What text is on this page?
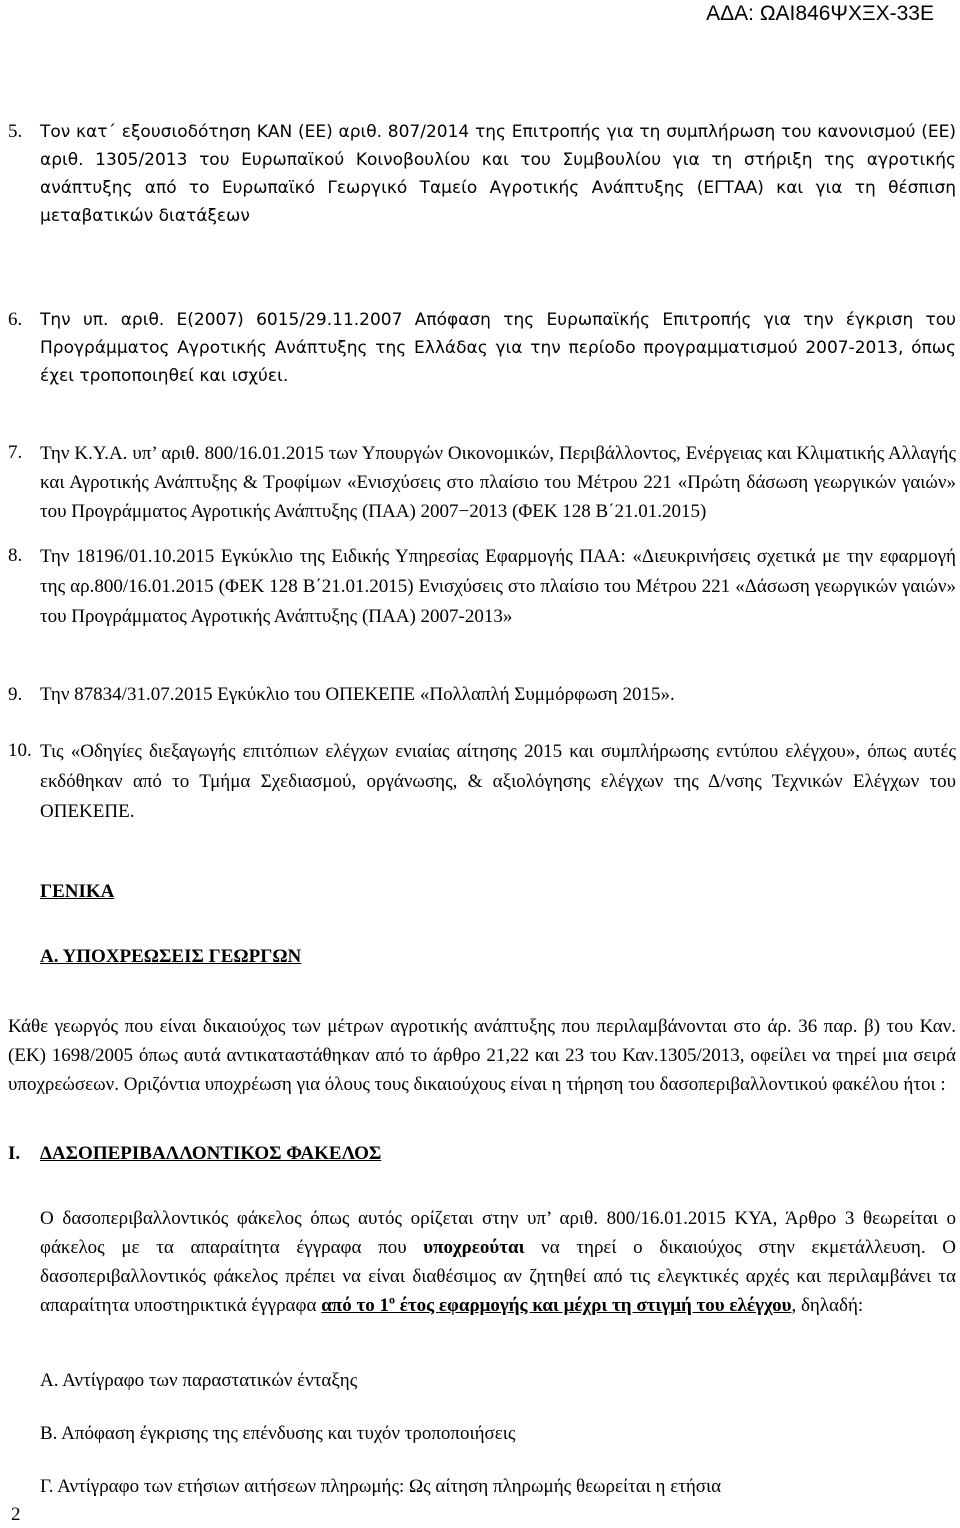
ΑΔΑ: ΩΑΙ846ΨΧΞΧ-33Ε
5. Τον κατ΄ εξουσιοδότηση ΚΑΝ (ΕΕ) αριθ. 807/2014 της Επιτροπής για τη συμπλήρωση του κανονισμού (ΕΕ) αριθ. 1305/2013 του Ευρωπαϊκού Κοινοβουλίου και του Συμβουλίου για τη στήριξη της αγροτικής ανάπτυξης από το Ευρωπαϊκό Γεωργικό Ταμείο Αγροτικής Ανάπτυξης (ΕΓΤΑΑ) και για τη θέσπιση μεταβατικών διατάξεων
6. Την υπ. αριθ. Ε(2007) 6015/29.11.2007 Απόφαση της Ευρωπαϊκής Επιτροπής για την έγκριση του Προγράμματος Αγροτικής Ανάπτυξης της Ελλάδας για την περίοδο προγραμματισμού 2007-2013, όπως έχει τροποποιηθεί και ισχύει.
7. Την Κ.Υ.Α. υπ’ αριθ. 800/16.01.2015 των Υπουργών Οικονομικών, Περιβάλλοντος, Ενέργειας και Κλιματικής Αλλαγής και Αγροτικής Ανάπτυξης & Τροφίμων «Ενισχύσεις στο πλαίσιο του Μέτρου 221 «Πρώτη δάσωση γεωργικών γαιών» του Προγράμματος Αγροτικής Ανάπτυξης (ΠΑΑ) 2007−2013 (ΦΕΚ 128 Β΄21.01.2015)
8. Την 18196/01.10.2015 Εγκύκλιο της Ειδικής Υπηρεσίας Εφαρμογής ΠΑΑ: «Διευκρινήσεις σχετικά με την εφαρμογή της αρ.800/16.01.2015 (ΦΕΚ 128 Β΄21.01.2015) Ενισχύσεις στο πλαίσιο του Μέτρου 221 «Δάσωση γεωργικών γαιών» του Προγράμματος Αγροτικής Ανάπτυξης (ΠΑΑ) 2007-2013»
9. Την 87834/31.07.2015 Εγκύκλιο του ΟΠΕΚΕΠΕ «Πολλαπλή Συμμόρφωση 2015».
10. Τις «Οδηγίες διεξαγωγής επιτόπιων ελέγχων ενιαίας αίτησης 2015 και συμπλήρωσης εντύπου ελέγχου», όπως αυτές εκδόθηκαν από το Τμήμα Σχεδιασμού, οργάνωσης, & αξιολόγησης ελέγχων της Δ/νσης Τεχνικών Ελέγχων του ΟΠΕΚΕΠΕ.
ΓΕΝΙΚΑ
Α. ΥΠΟΧΡΕΩΣΕΙΣ ΓΕΩΡΓΩΝ
Κάθε γεωργός που είναι δικαιούχος των μέτρων αγροτικής ανάπτυξης που περιλαμβάνονται στο άρ. 36 παρ. β) του Καν. (ΕΚ) 1698/2005 όπως αυτά αντικαταστάθηκαν από το άρθρο 21,22 και 23 του Καν.1305/2013, οφείλει να τηρεί μια σειρά υποχρεώσεων. Οριζόντια υποχρέωση για όλους τους δικαιούχους είναι η τήρηση του δασοπεριβαλλοντικού φακέλου ήτοι :
I. ΔΑΣΟΠΕΡΙΒΑΛΛΟΝΤΙΚΟΣ ΦΑΚΕΛΟΣ
Ο δασοπεριβαλλοντικός φάκελος όπως αυτός ορίζεται στην υπ’ αριθ. 800/16.01.2015 ΚΥΑ, Άρθρο 3 θεωρείται ο φάκελος με τα απαραίτητα έγγραφα που υποχρεούται να τηρεί ο δικαιούχος στην εκμετάλλευση. Ο δασοπεριβαλλοντικός φάκελος πρέπει να είναι διαθέσιμος αν ζητηθεί από τις ελεγκτικές αρχές και περιλαμβάνει τα απαραίτητα υποστηρικτικά έγγραφα από το $1^o$ έτος εφαρμογής και μέχρι τη στιγμή του ελέγχου, δηλαδή:
Α. Αντίγραφο των παραστατικών ένταξης
Β. Απόφαση έγκρισης της επένδυσης και τυχόν τροποποιήσεις
Γ. Αντίγραφο των ετήσιων αιτήσεων πληρωμής: Ως αίτηση πληρωμής θεωρείται η ετήσια
2
